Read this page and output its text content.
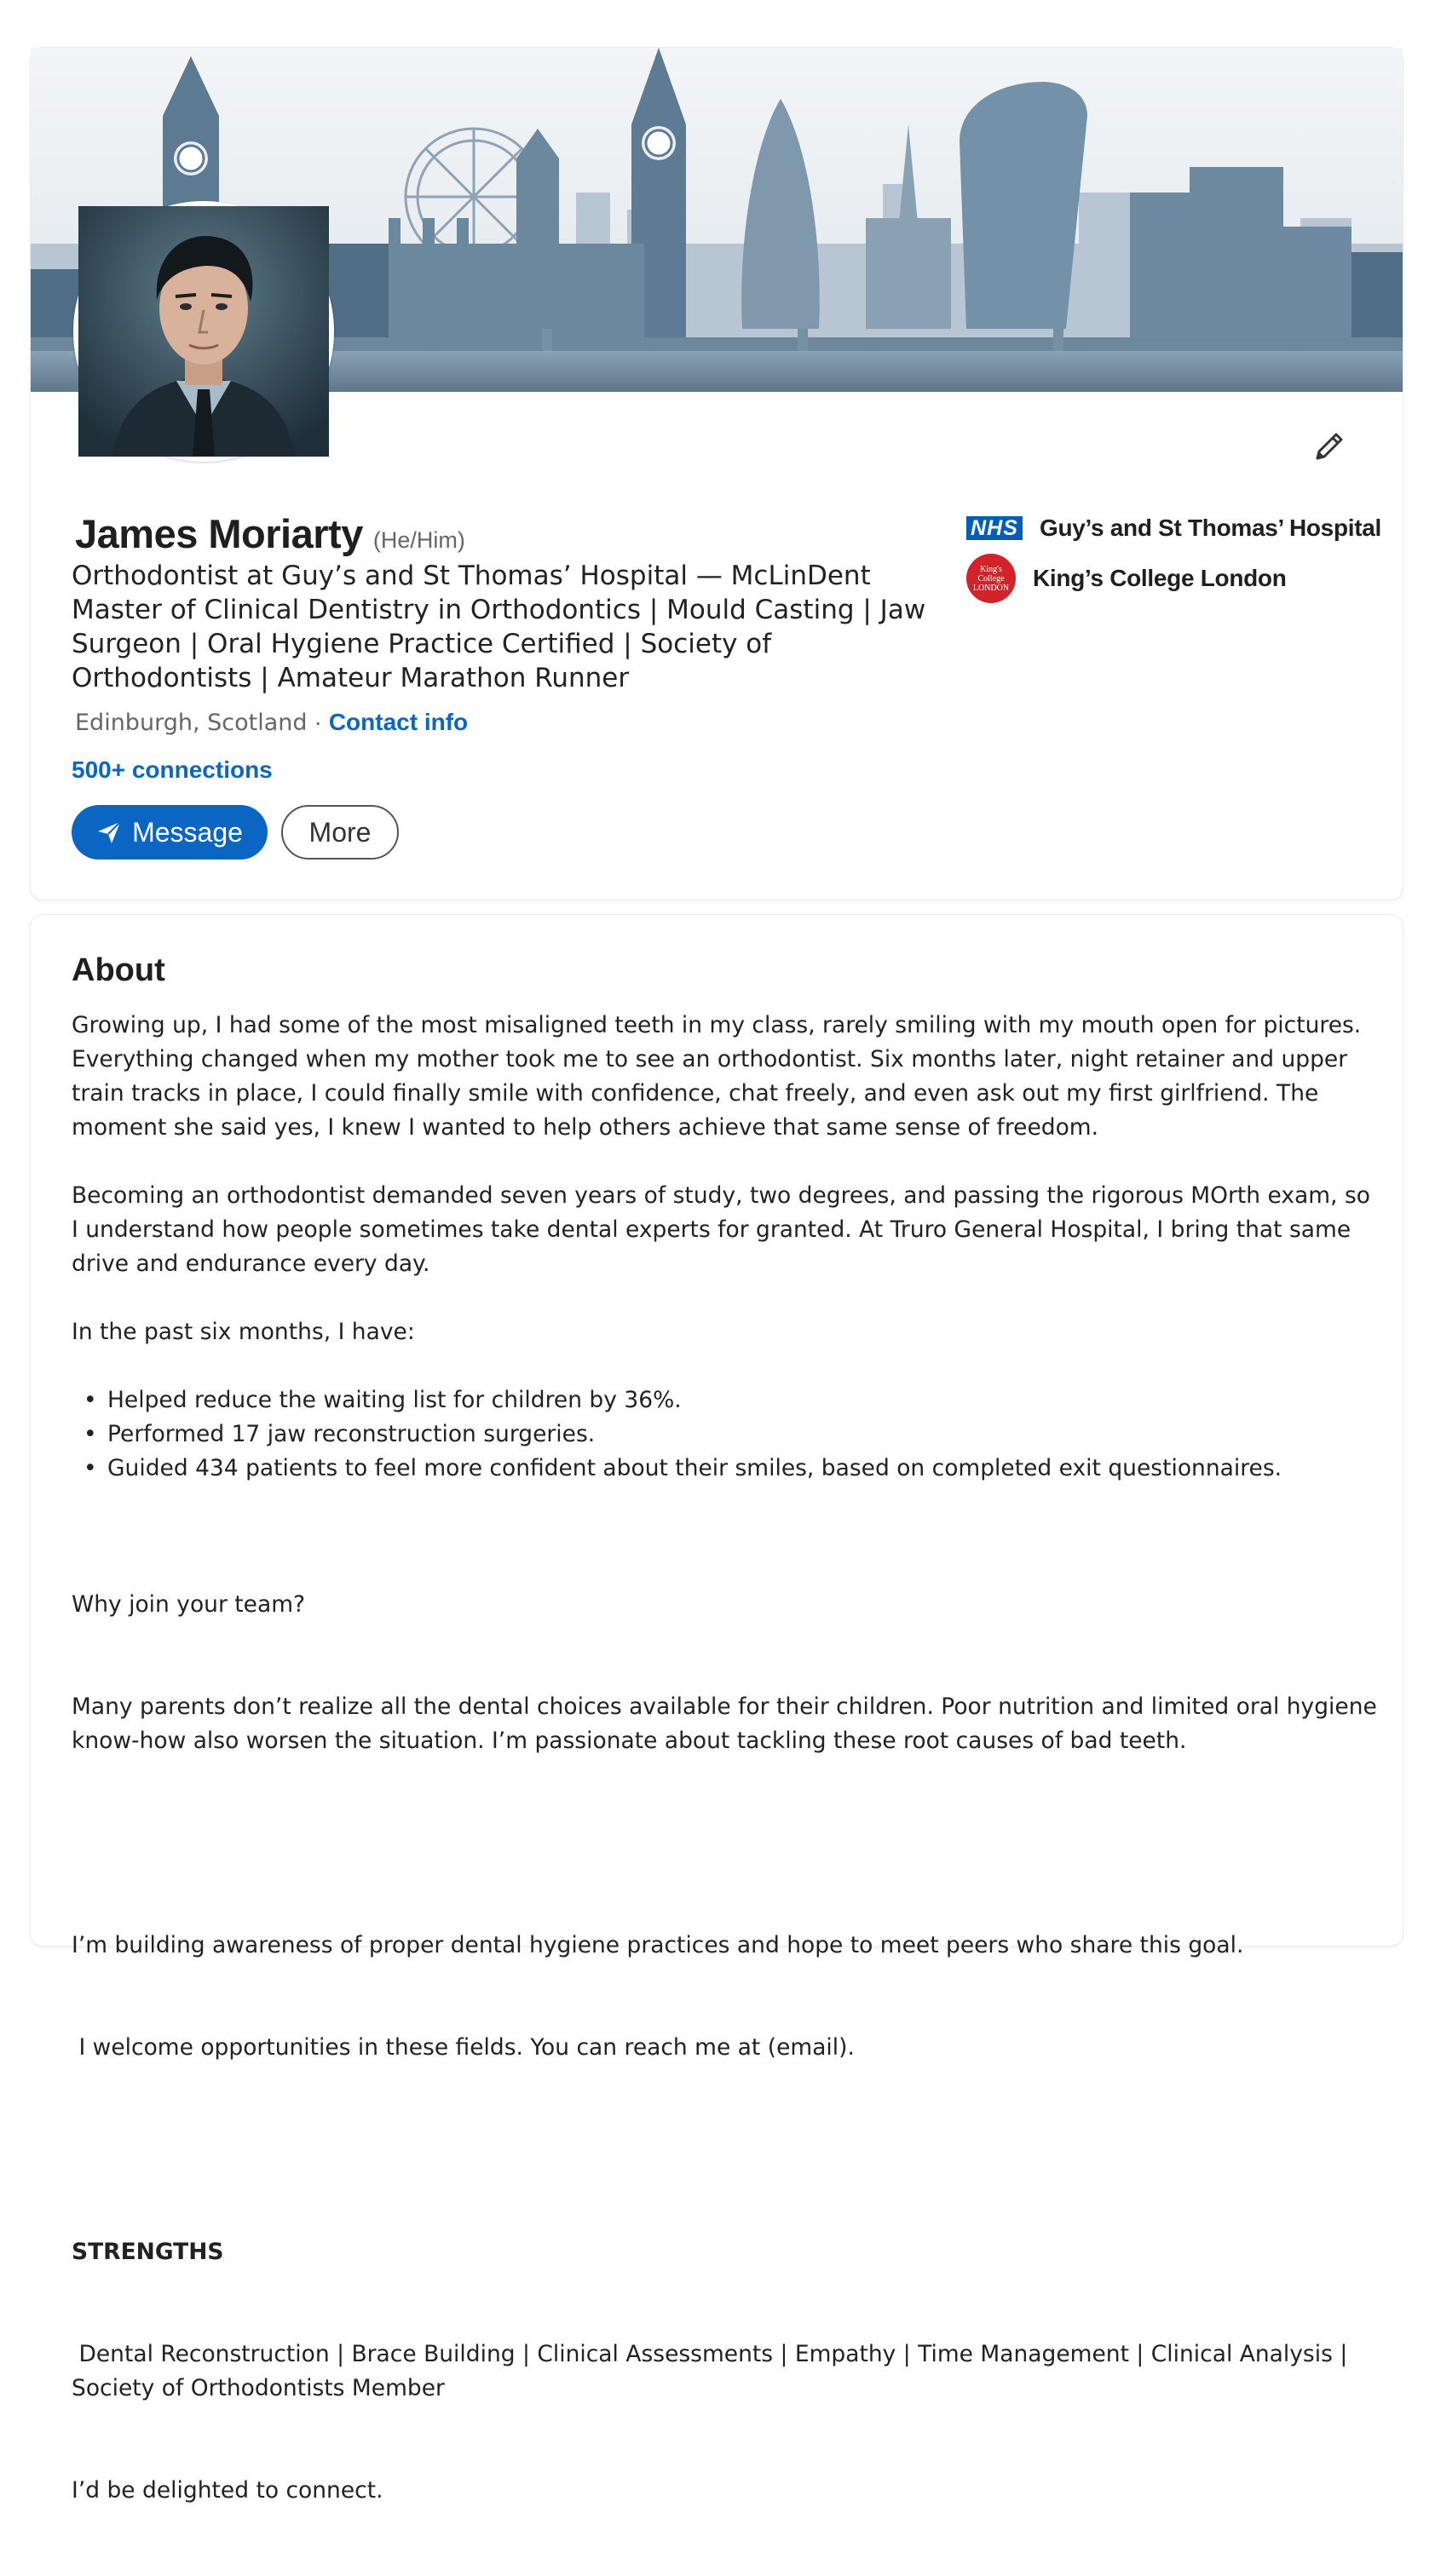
James Moriarty (He/Him)
Orthodontist at Guy’s and St Thomas’ Hospital — McLinDent Master of Clinical Dentistry in Orthodontics | Mould Casting | Jaw Surgeon | Oral Hygiene Practice Certified | Society of Orthodontists | Amateur Marathon Runner
Edinburgh, Scotland · Contact info
500+ connections
Message	More
NHS Guy’s and St Thomas’ Hospital
King's College LONDON King’s College London
About

Growing up, I had some of the most misaligned teeth in my class, rarely smiling with my mouth open for pictures. Everything changed when my mother took me to see an orthodontist. Six months later, night retainer and upper train tracks in place, I could finally smile with confidence, chat freely, and even ask out my first girlfriend. The moment she said yes, I knew I wanted to help others achieve that same sense of freedom.

Becoming an orthodontist demanded seven years of study, two degrees, and passing the rigorous MOrth exam, so I understand how people sometimes take dental experts for granted. At Truro General Hospital, I bring that same drive and endurance every day.

In the past six months, I have:

• Helped reduce the waiting list for children by 36%.
• Performed 17 jaw reconstruction surgeries.
• Guided 434 patients to feel more confident about their smiles, based on completed exit questionnaires.

Why join your team?

Many parents don’t realize all the dental choices available for their children. Poor nutrition and limited oral hygiene know-how also worsen the situation. I’m passionate about tackling these root causes of bad teeth.

I’m building awareness of proper dental hygiene practices and hope to meet peers who share this goal.

I welcome opportunities in these fields. You can reach me at (email).

STRENGTHS

Dental Reconstruction | Brace Building | Clinical Assessments | Empathy | Time Management | Clinical Analysis | Society of Orthodontists Member

I’d be delighted to connect.
